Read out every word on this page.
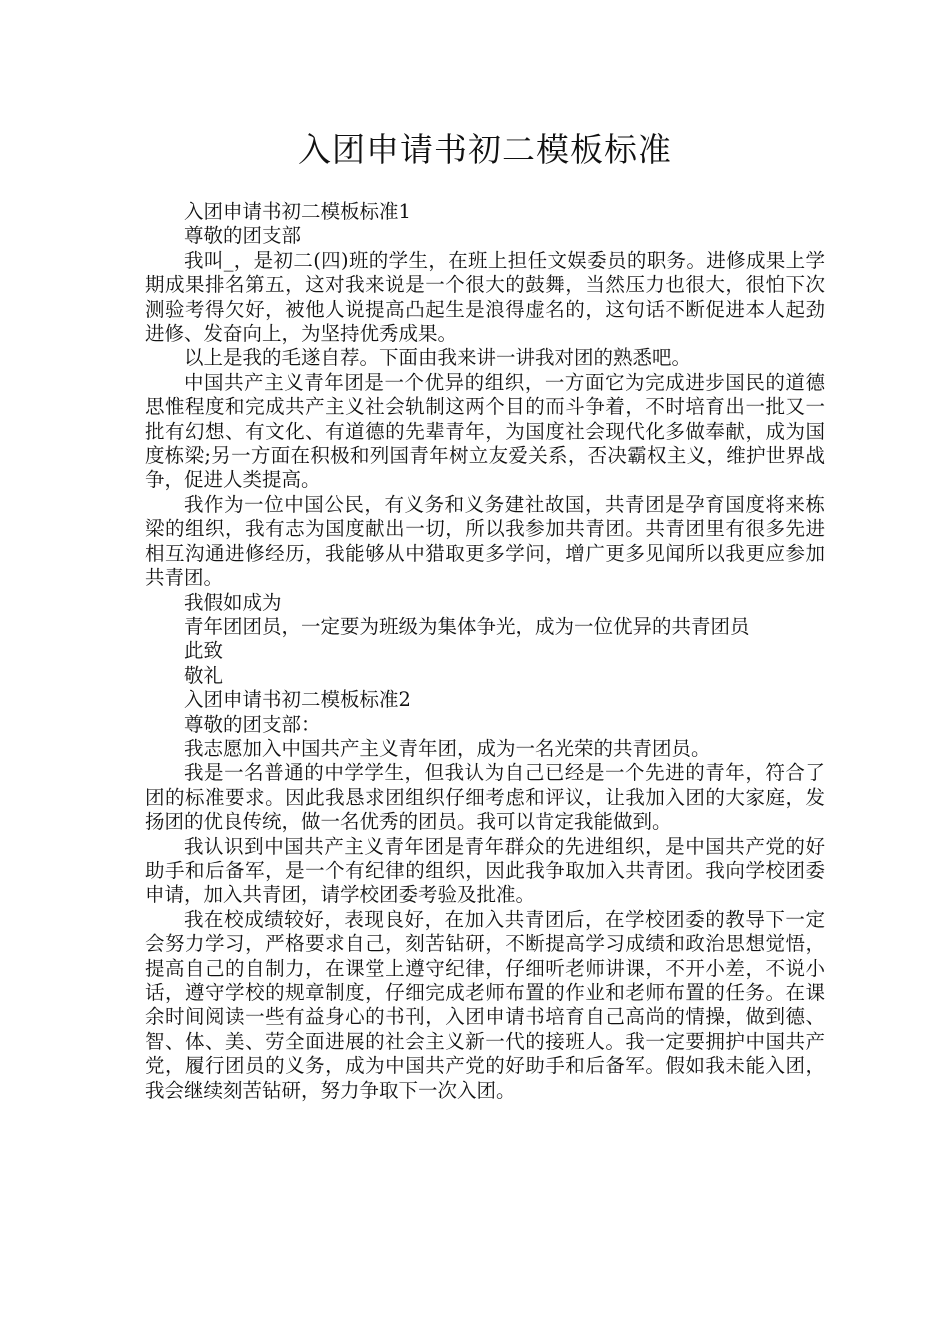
入团申请书初二模板标准

入团申请书初二模板标准1

尊敬的团支部

我叫_，是初二(四)班的学生，在班上担任文娱委员的职务。进修成果上学期成果排名第五，这对我来说是一个很大的鼓舞，当然压力也很大，很怕下次测验考得欠好，被他人说提高凸起生是浪得虚名的，这句话不断促进本人起劲进修、发奋向上，为坚持优秀成果。

以上是我的毛遂自荐。下面由我来讲一讲我对团的熟悉吧。

中国共产主义青年团是一个优异的组织，一方面它为完成进步国民的道德思惟程度和完成共产主义社会轨制这两个目的而斗争着，不时培育出一批又一批有幻想、有文化、有道德的先辈青年，为国度社会现代化多做奉献，成为国度栋梁;另一方面在积极和列国青年树立友爱关系，否决霸权主义，维护世界战争，促进人类提高。

我作为一位中国公民，有义务和义务建社故国，共青团是孕育国度将来栋梁的组织，我有志为国度献出一切，所以我参加共青团。共青团里有很多先进相互沟通进修经历，我能够从中猎取更多学问，增广更多见闻所以我更应参加共青团。

我假如成为

青年团团员，一定要为班级为集体争光，成为一位优异的共青团员

此致

敬礼

入团申请书初二模板标准2

尊敬的团支部：

我志愿加入中国共产主义青年团，成为一名光荣的共青团员。

我是一名普通的中学学生，但我认为自己已经是一个先进的青年，符合了团的标准要求。因此我恳求团组织仔细考虑和评议，让我加入团的大家庭，发扬团的优良传统，做一名优秀的团员。我可以肯定我能做到。

我认识到中国共产主义青年团是青年群众的先进组织，是中国共产党的好助手和后备军，是一个有纪律的组织，因此我争取加入共青团。我向学校团委申请，加入共青团，请学校团委考验及批准。

我在校成绩较好，表现良好，在加入共青团后，在学校团委的教导下一定会努力学习，严格要求自己，刻苦钻研，不断提高学习成绩和政治思想觉悟，提高自己的自制力，在课堂上遵守纪律，仔细听老师讲课，不开小差，不说小话，遵守学校的规章制度，仔细完成老师布置的作业和老师布置的任务。在课余时间阅读一些有益身心的书刊，入团申请书培育自己高尚的情操，做到德、智、体、美、劳全面进展的社会主义新一代的接班人。我一定要拥护中国共产党，履行团员的义务，成为中国共产党的好助手和后备军。假如我未能入团，我会继续刻苦钻研，努力争取下一次入团。
